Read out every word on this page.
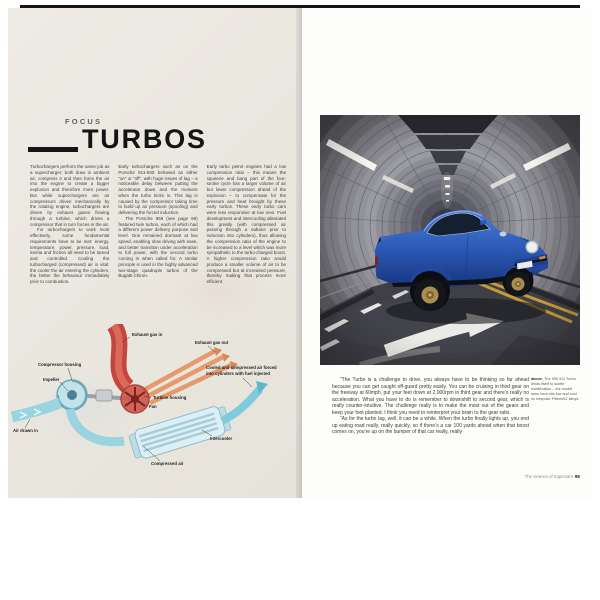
FOCUS
TURBOS

Turbochargers perform the same job as a supercharger: both draw in ambient air, compress it and then force the air into the engine to create a bigger explosion and therefore more power. But while superchargers are air compressors driven mechanically by the rotating engine, turbochargers are driven by exhaust gases flowing through a turbine, which drives a compressor that in turn forces in the air.

For turbochargers to work most effectively, some fundamental requirements have to be met: energy, temperature, power, pressure, load, inertia and friction all need to be tamed and controlled. Cooling the turbocharged (compressed) air is vital: the cooler the air entering the cylinders, the better the behaviour immediately prior to combustion.

Early turbochargers such as on the Porsche 911-930 behaved as either “on” or “off”, with huge issues of lag – a noticeable delay between putting the accelerator down and the moment when the turbo kicks in. This lag is caused by the compressor taking time to build up air pressure (spooling) and delivering the forced induction.

The Porsche 959 (see page 99) featured twin turbos, each of which had a different power delivery purpose and level. One remained dormant at low speed, enabling slow driving with ease, and better transition under acceleration to full power, with the second turbo coming in when called for. A similar principle is used in the highly advanced two-stage quadruple turbos of the Bugatti Chiron.

Early turbo petrol engines had a low compression ratio – this means the squeeze and bang part of the four-stroke cycle has a larger volume of air but lower compression ahead of the explosion – to compensate for the pressure and heat brought by these early turbos. These early turbo cars were less responsive at low revs. Fuel development and intercooling alleviated this greatly (with compressed air passing through a radiator prior to induction into cylinders), thus allowing the compression ratio of the engine to be increased to a level which was more sympathetic to the turbo-charged boost. A higher compression ratio would produce a smaller volume of air to be compressed but at increased pressure, thereby making that process more efficient.

Exhaust gas in
Exhaust gas out
Compressor housing
Impeller
Cooled and compressed air forced
into cylinders with fuel injected
Turbine housing
Fan
Air drawn in
Intercooler
Compressed air

“The Turbo is a challenge to drive, you always have to be thinking so far ahead because you can get caught off-guard pretty easily. You can be cruising in third gear on the freeway at 60mph, put your feet down at 2,000rpm in third gear and there’s really no acceleration. What you have to do is remember to downshift to second gear, which is really counter-intuitive. The challenge really is to make the most out of the gears and keep your foot planted. I think you need to reinterpret your brain to the gear ratio.

“As for the turbo lag, well, it can be a while. When the turbo finally lights up, you end up eating road really, really quickly, so if there’s a car 100 yards ahead when that boost comes on, you’re up on the bumper of that car really, really

above_The 930 911 Turbo lends itself to subtle modification – the model seen here sits low and cool on bespoke Fifteen52 alloys.
The Science of Supercars 95
